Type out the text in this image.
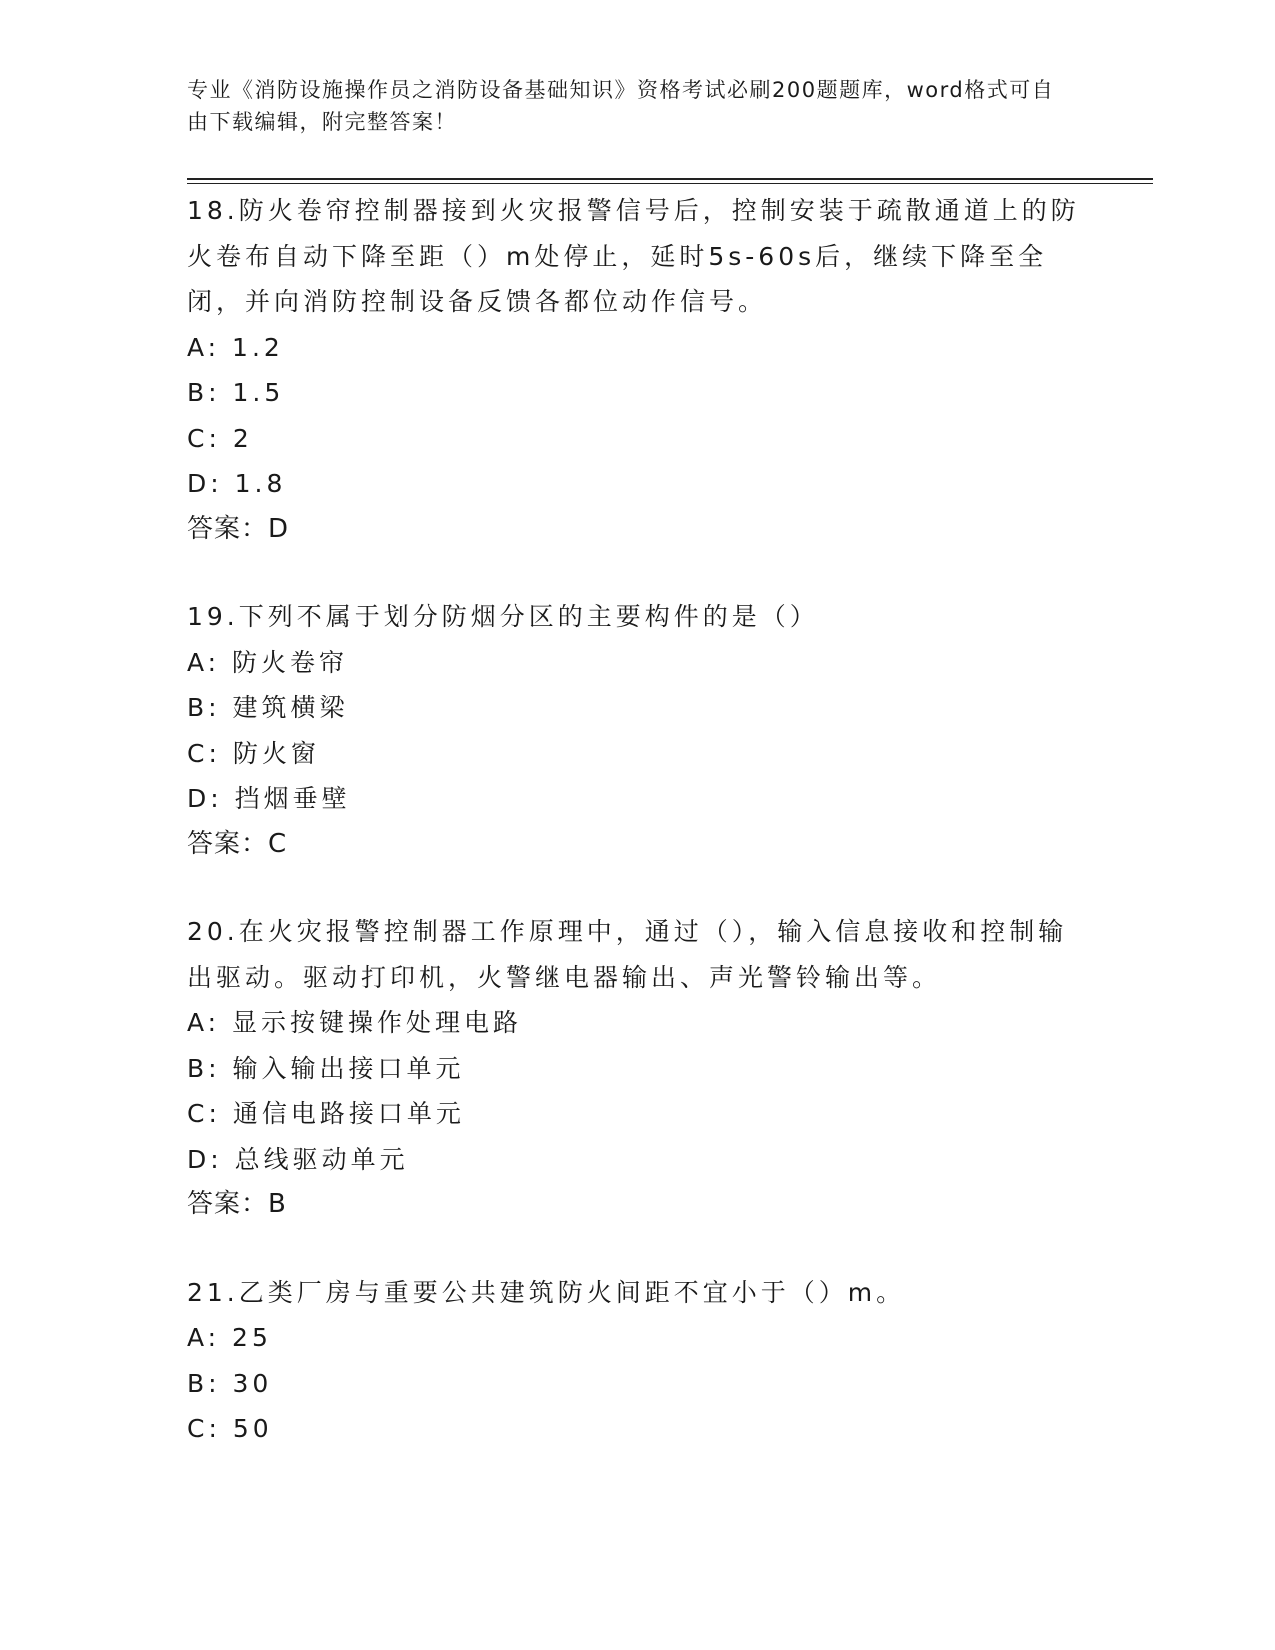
专业《消防设施操作员之消防设备基础知识》资格考试必刷200题题库，word格式可自由下载编辑，附完整答案！

18.防火卷帘控制器接到火灾报警信号后，控制安装于疏散通道上的防火卷布自动下降至距（）m处停止，延时5s-60s后，继续下降至全闭，并向消防控制设备反馈各都位动作信号。

A: 1.2

B: 1.5

C: 2

D: 1.8

答案：D

19.下列不属于划分防烟分区的主要构件的是（）

A: 防火卷帘

B: 建筑横梁

C: 防火窗

D: 挡烟垂壁

答案：C

20.在火灾报警控制器工作原理中，通过（），输入信息接收和控制输出驱动。驱动打印机，火警继电器输出、声光警铃输出等。

A: 显示按键操作处理电路

B: 输入输出接口单元

C: 通信电路接口单元

D: 总线驱动单元

答案：B

21.乙类厂房与重要公共建筑防火间距不宜小于（）m。

A: 25

B: 30

C: 50
